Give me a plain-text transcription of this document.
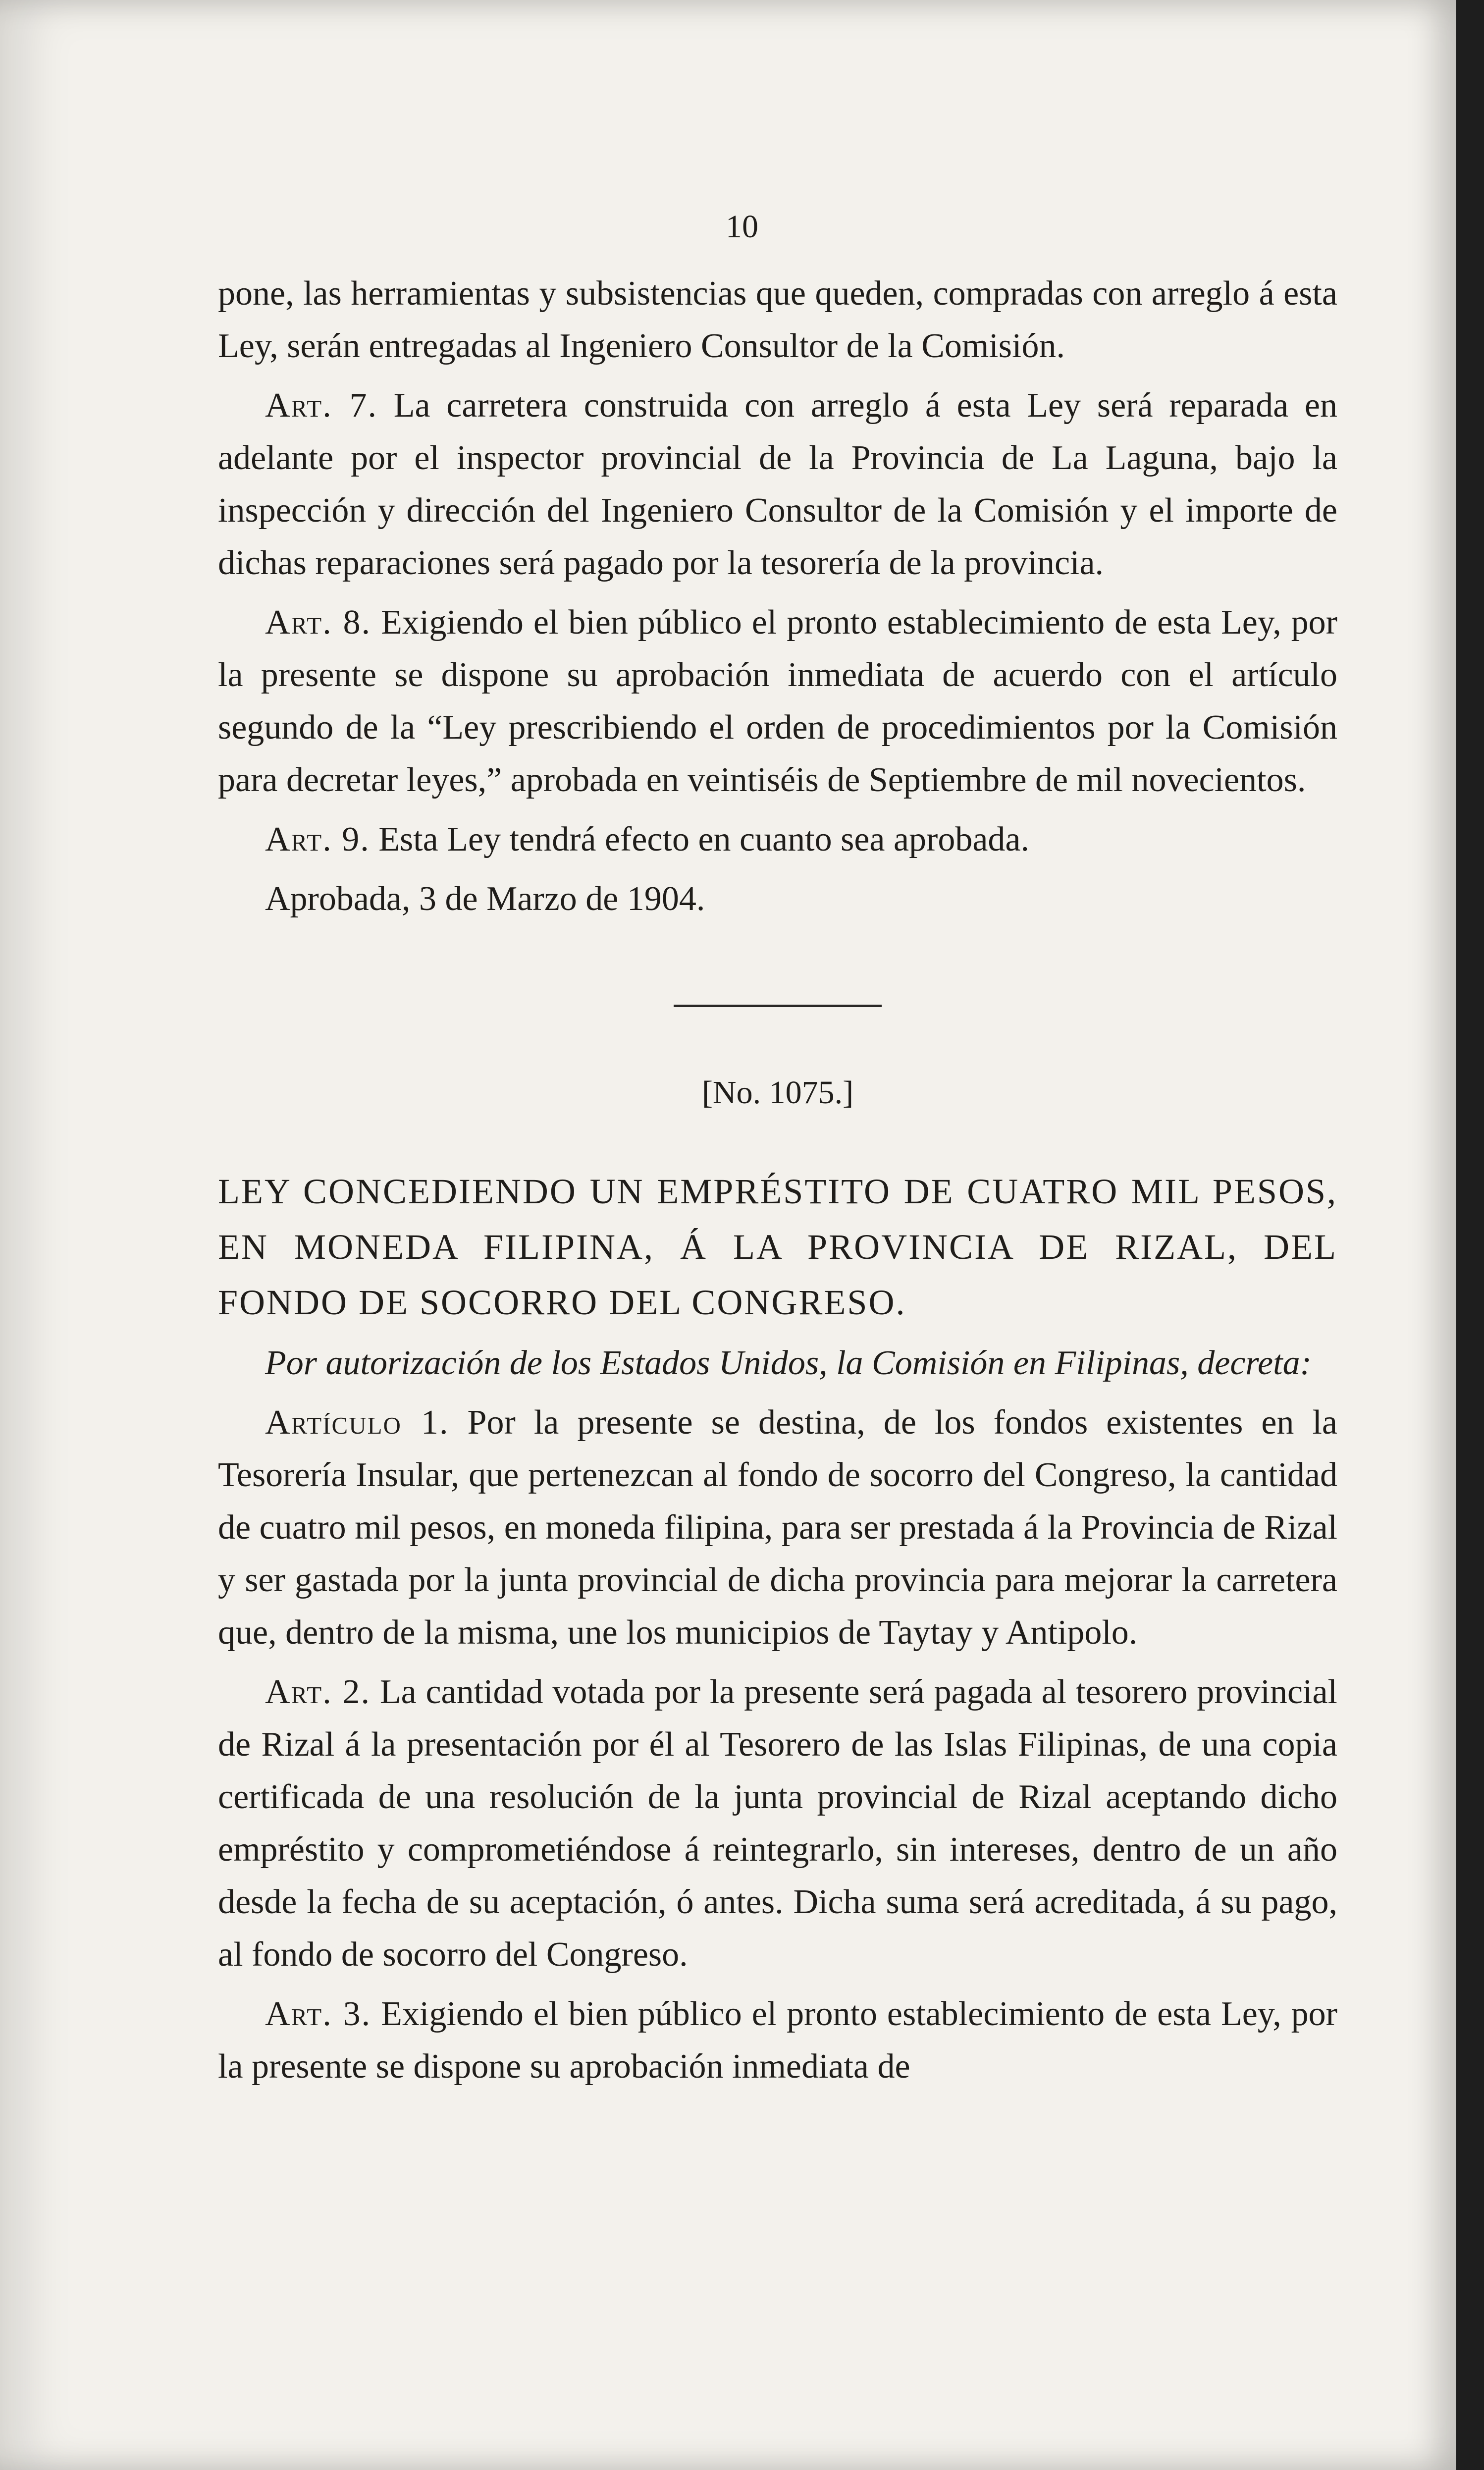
10

pone, las herramientas y subsistencias que queden, compradas con arreglo á esta Ley, serán entregadas al Ingeniero Consultor de la Comisión.

Art. 7. La carretera construida con arreglo á esta Ley será reparada en adelante por el inspector provincial de la Provincia de La Laguna, bajo la inspección y dirección del Ingeniero Consultor de la Comisión y el importe de dichas reparaciones será pagado por la tesorería de la provincia.

Art. 8. Exigiendo el bien público el pronto establecimiento de esta Ley, por la presente se dispone su aprobación inmediata de acuerdo con el artículo segundo de la “Ley prescribiendo el orden de procedimientos por la Comisión para decretar leyes,” aprobada en veintiséis de Septiembre de mil novecientos.

Art. 9. Esta Ley tendrá efecto en cuanto sea aprobada.

Aprobada, 3 de Marzo de 1904.

[No. 1075.]

LEY CONCEDIENDO UN EMPRÉSTITO DE CUATRO MIL PESOS, EN MONEDA FILIPINA, Á LA PROVINCIA DE RIZAL, DEL FONDO DE SOCORRO DEL CONGRESO.

Por autorización de los Estados Unidos, la Comisión en Filipinas, decreta:

Artículo 1. Por la presente se destina, de los fondos existentes en la Tesorería Insular, que pertenezcan al fondo de socorro del Congreso, la cantidad de cuatro mil pesos, en moneda filipina, para ser prestada á la Provincia de Rizal y ser gastada por la junta provincial de dicha provincia para mejorar la carretera que, dentro de la misma, une los municipios de Taytay y Antipolo.

Art. 2. La cantidad votada por la presente será pagada al tesorero provincial de Rizal á la presentación por él al Tesorero de las Islas Filipinas, de una copia certificada de una resolución de la junta provincial de Rizal aceptando dicho empréstito y comprometiéndose á reintegrarlo, sin intereses, dentro de un año desde la fecha de su aceptación, ó antes. Dicha suma será acreditada, á su pago, al fondo de socorro del Congreso.

Art. 3. Exigiendo el bien público el pronto establecimiento de esta Ley, por la presente se dispone su aprobación inmediata de
